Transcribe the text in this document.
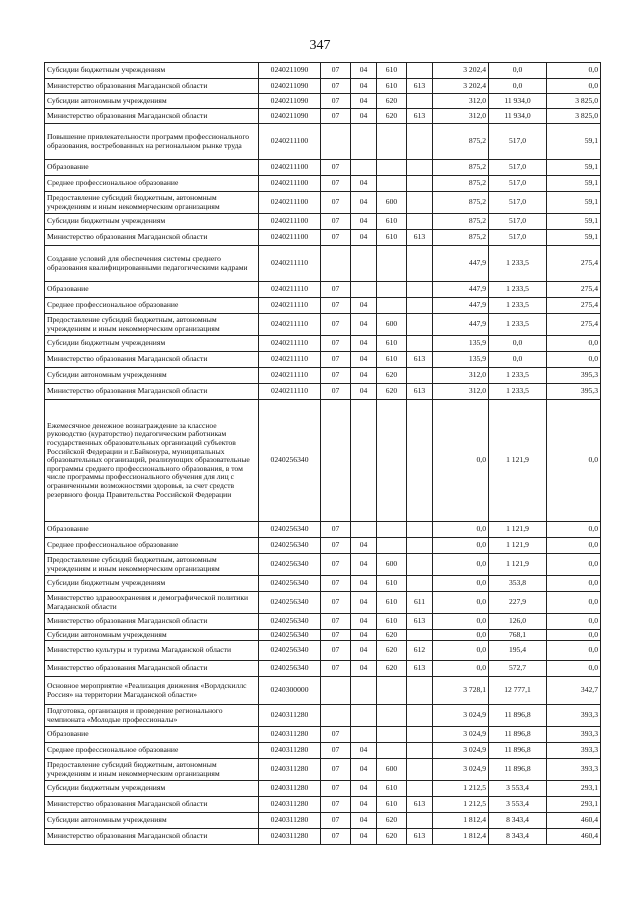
347
Субсидии бюджетным учреждениям	0240211090	07	04	610		3 202,4	0,0	0,0
Министерство образования Магаданской области	0240211090	07	04	610	613	3 202,4	0,0	0,0
Субсидии автономным учреждениям	0240211090	07	04	620		312,0	11 934,0	3 825,0
Министерство образования Магаданской области	0240211090	07	04	620	613	312,0	11 934,0	3 825,0
Повышение привлекательности программ профессионального образования, востребованных на региональном рынке труда	0240211100					875,2	517,0	59,1
Образование	0240211100	07				875,2	517,0	59,1
Среднее профессиональное образование	0240211100	07	04			875,2	517,0	59,1
Предоставление субсидий бюджетным, автономным учреждениям и иным некоммерческим организациям	0240211100	07	04	600		875,2	517,0	59,1
Субсидии бюджетным учреждениям	0240211100	07	04	610		875,2	517,0	59,1
Министерство образования Магаданской области	0240211100	07	04	610	613	875,2	517,0	59,1
Создание условий для обеспечения системы среднего образования квалифицированными педагогическими кадрами	0240211110					447,9	1 233,5	275,4
Образование	0240211110	07				447,9	1 233,5	275,4
Среднее профессиональное образование	0240211110	07	04			447,9	1 233,5	275,4
Предоставление субсидий бюджетным, автономным учреждениям и иным некоммерческим организациям	0240211110	07	04	600		447,9	1 233,5	275,4
Субсидии бюджетным учреждениям	0240211110	07	04	610		135,9	0,0	0,0
Министерство образования Магаданской области	0240211110	07	04	610	613	135,9	0,0	0,0
Субсидии автономным учреждениям	0240211110	07	04	620		312,0	1 233,5	395,3
Министерство образования Магаданской области	0240211110	07	04	620	613	312,0	1 233,5	395,3
Ежемесячное денежное вознаграждение за классное руководство (кураторство) педагогическим работникам государственных образовательных организаций субъектов Российской Федерации и г.Байконура, муниципальных образовательных организаций, реализующих образовательные программы среднего профессионального образования, в том числе программы профессионального обучения для лиц с ограниченными возможностями здоровья, за счет средств резервного фонда Правительства Российской Федерации	0240256340					0,0	1 121,9	0,0
Образование	0240256340	07				0,0	1 121,9	0,0
Среднее профессиональное образование	0240256340	07	04			0,0	1 121,9	0,0
Предоставление субсидий бюджетным, автономным учреждениям и иным некоммерческим организациям	0240256340	07	04	600		0,0	1 121,9	0,0
Субсидии бюджетным учреждениям	0240256340	07	04	610		0,0	353,8	0,0
Министерство здравоохранения и демографической политики Магаданской области	0240256340	07	04	610	611	0,0	227,9	0,0
Министерство образования Магаданской области	0240256340	07	04	610	613	0,0	126,0	0,0
Субсидии автономным учреждениям	0240256340	07	04	620		0,0	768,1	0,0
Министерство культуры и туризма Магаданской области	0240256340	07	04	620	612	0,0	195,4	0,0
Министерство образования Магаданской области	0240256340	07	04	620	613	0,0	572,7	0,0
Основное мероприятие «Реализация движения «Ворлдскиллс Россия» на территории Магаданской области»	0240300000					3 728,1	12 777,1	342,7
Подготовка, организация и проведение регионального чемпионата «Молодые профессионалы»	0240311280					3 024,9	11 896,8	393,3
Образование	0240311280	07				3 024,9	11 896,8	393,3
Среднее профессиональное образование	0240311280	07	04			3 024,9	11 896,8	393,3
Предоставление субсидий бюджетным, автономным учреждениям и иным некоммерческим организациям	0240311280	07	04	600		3 024,9	11 896,8	393,3
Субсидии бюджетным учреждениям	0240311280	07	04	610		1 212,5	3 553,4	293,1
Министерство образования Магаданской области	0240311280	07	04	610	613	1 212,5	3 553,4	293,1
Субсидии автономным учреждениям	0240311280	07	04	620		1 812,4	8 343,4	460,4
Министерство образования Магаданской области	0240311280	07	04	620	613	1 812,4	8 343,4	460,4
